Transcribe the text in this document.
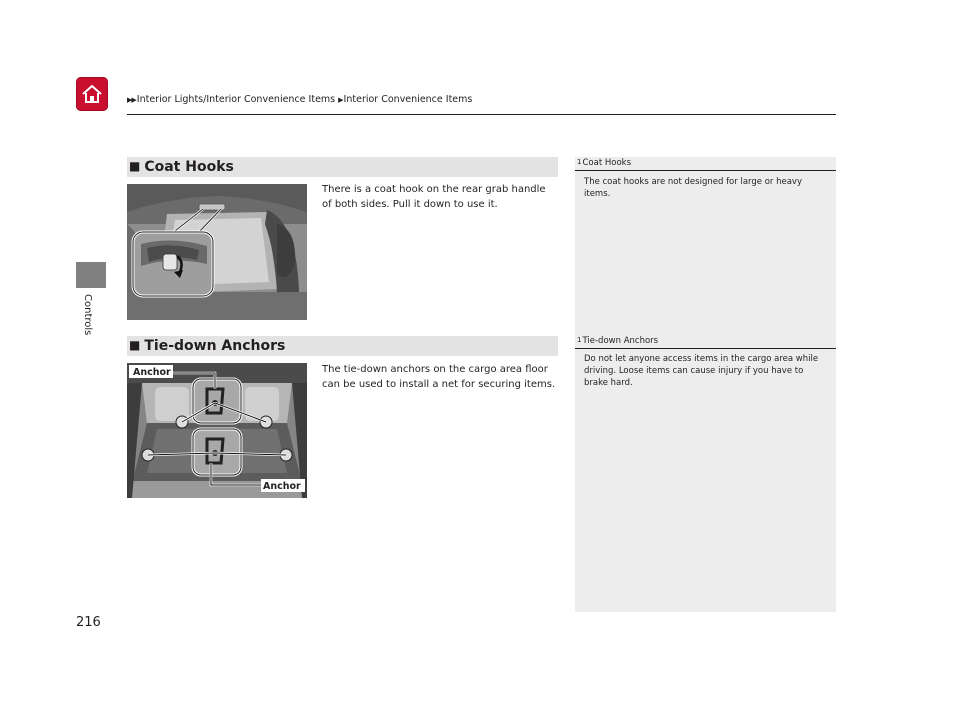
▶▶Interior Lights/Interior Convenience Items ▶Interior Convenience Items
Controls
■ Coat Hooks
There is a coat hook on the rear grab handle of both sides. Pull it down to use it.
■ Tie-down Anchors
Anchor
Anchor
The tie-down anchors on the cargo area floor can be used to install a net for securing items.
1Coat Hooks
The coat hooks are not designed for large or heavy items.
1Tie-down Anchors
Do not let anyone access items in the cargo area while driving. Loose items can cause injury if you have to brake hard.
216
